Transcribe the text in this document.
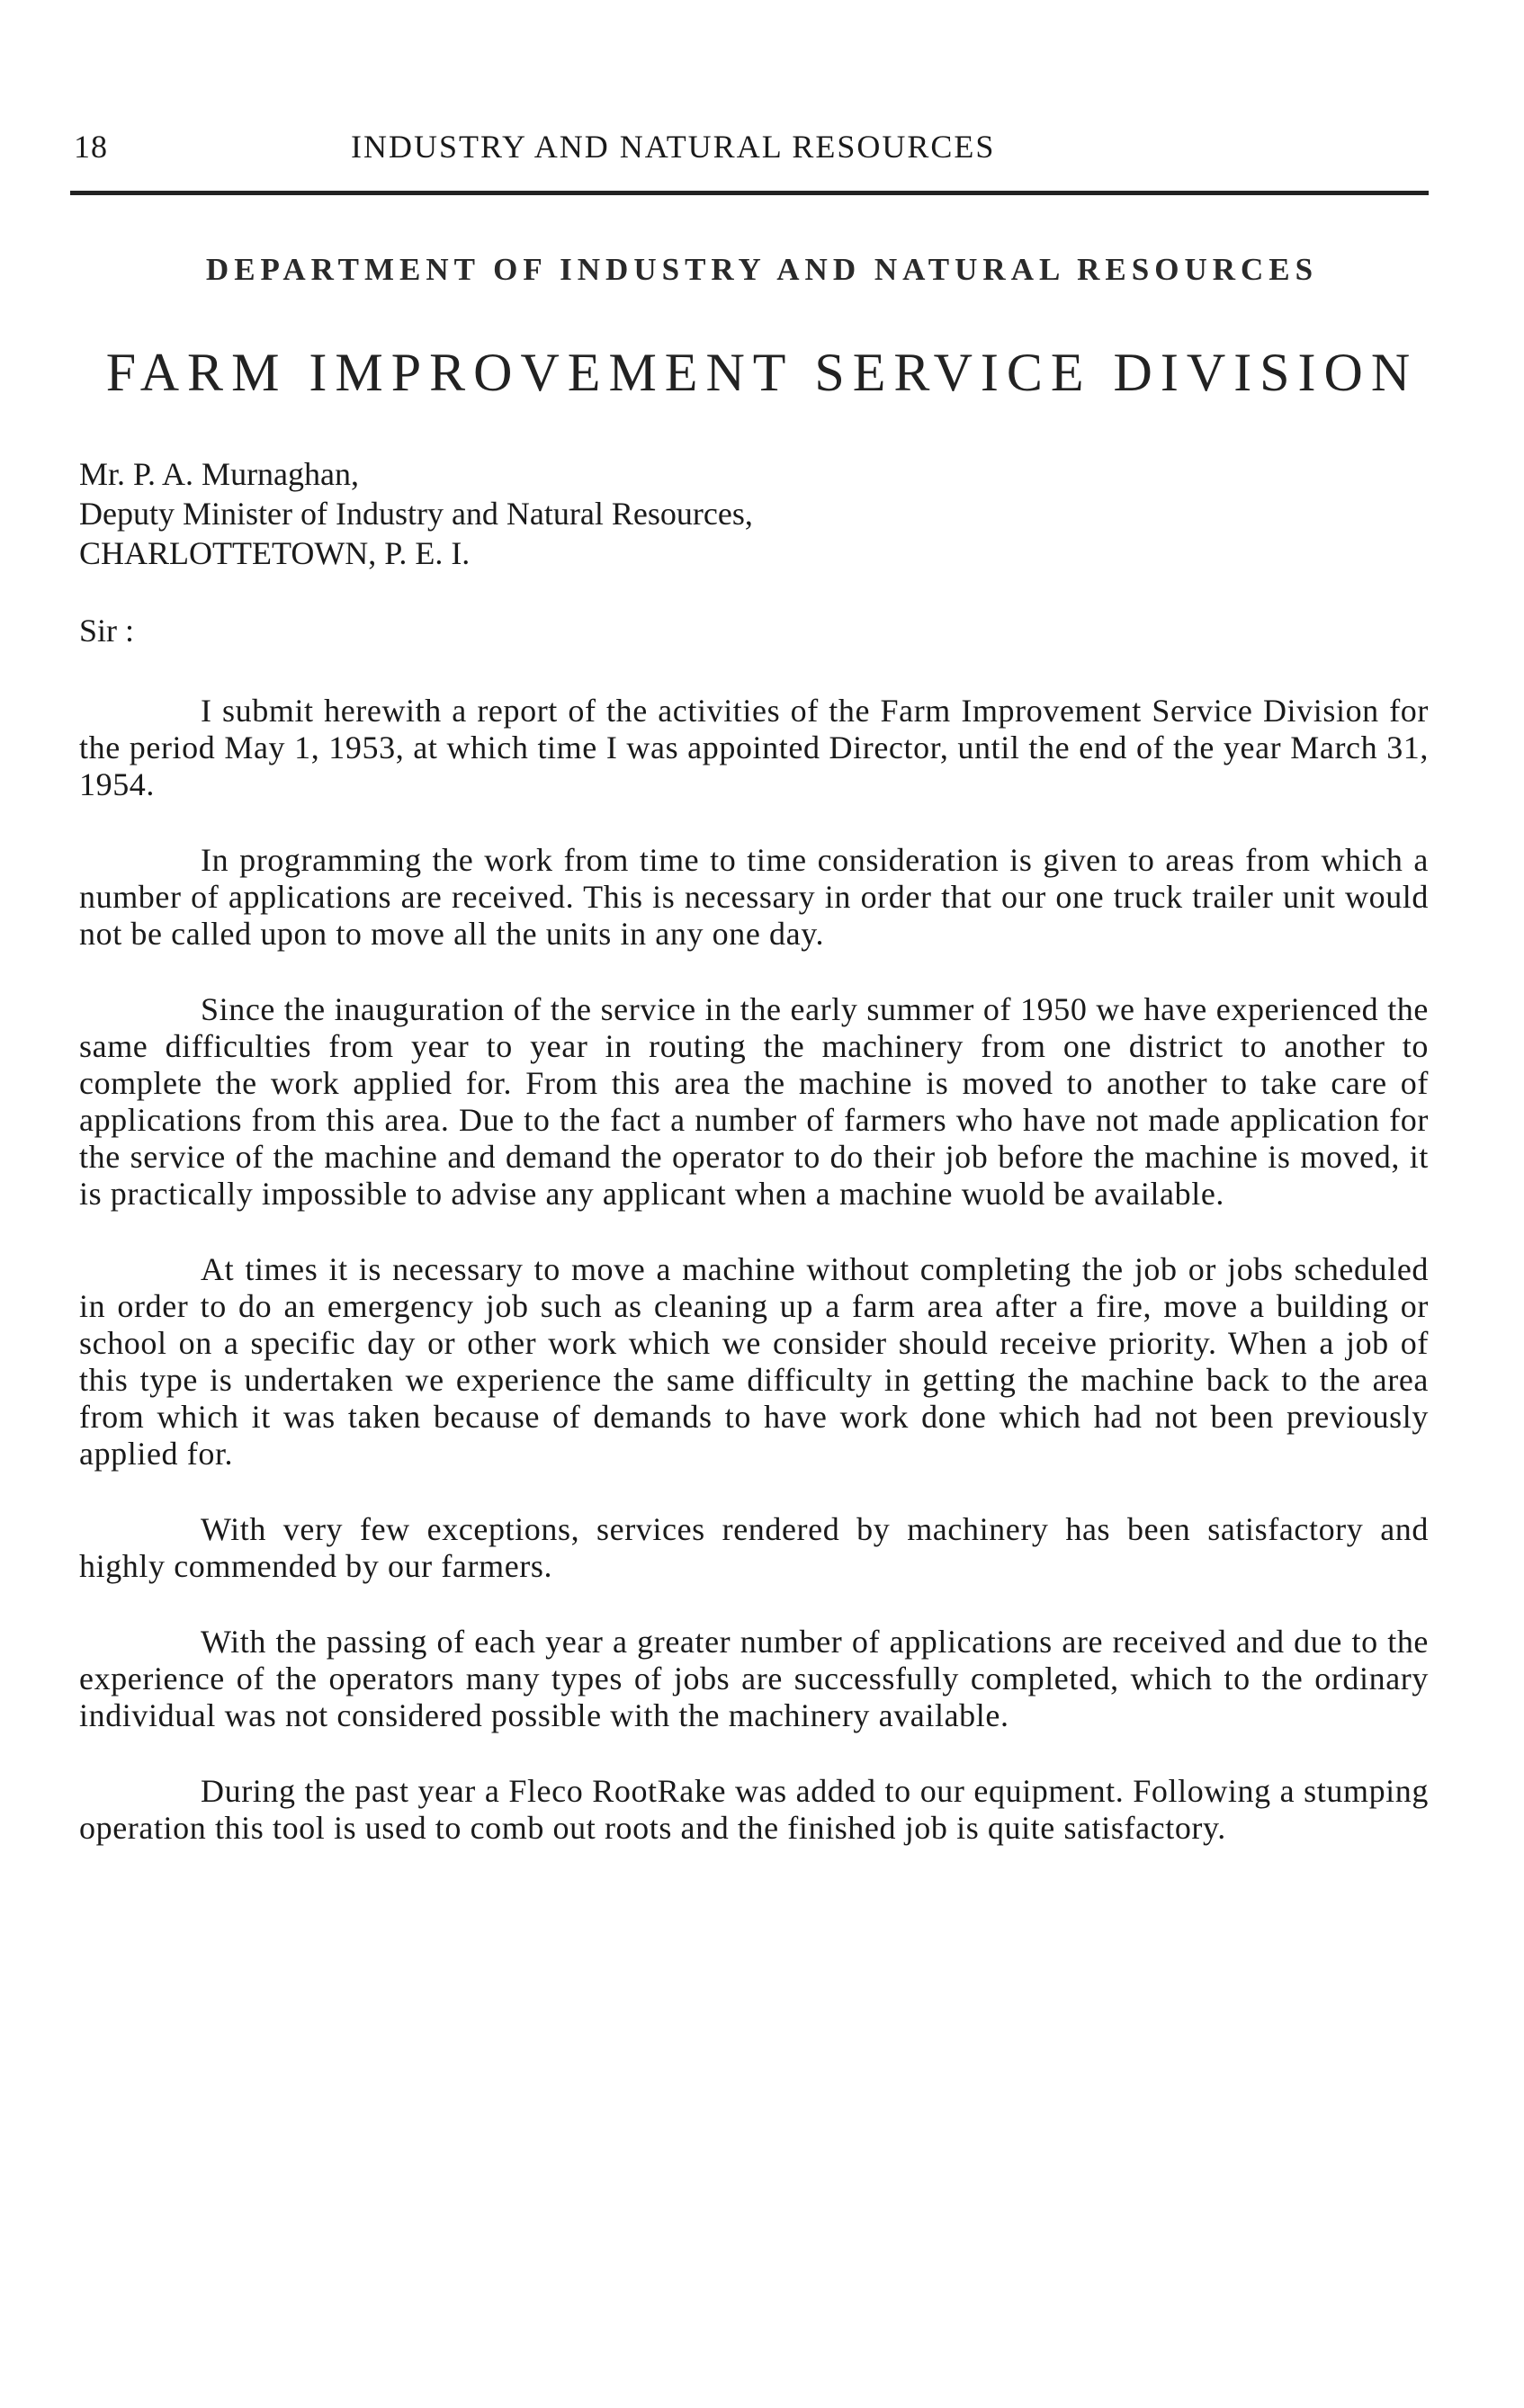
18	INDUSTRY AND NATURAL RESOURCES
DEPARTMENT OF INDUSTRY AND NATURAL RESOURCES
FARM IMPROVEMENT SERVICE DIVISION
Mr. P. A. Murnaghan,
Deputy Minister of Industry and Natural Resources,
CHARLOTTETOWN, P. E. I.
Sir :

I submit herewith a report of the activities of the Farm Improvement Service Division for the period May 1, 1953, at which time I was appointed Director, until the end of the year March 31, 1954.

In programming the work from time to time consideration is given to areas from which a number of applications are received. This is necessary in order that our one truck trailer unit would not be called upon to move all the units in any one day.

Since the inauguration of the service in the early summer of 1950 we have experienced the same difficulties from year to year in routing the machinery from one district to another to complete the work applied for. From this area the machine is moved to another to take care of applications from this area. Due to the fact a number of farmers who have not made application for the service of the machine and demand the operator to do their job before the machine is moved, it is practically impossible to advise any applicant when a machine wuold be available.

At times it is necessary to move a machine without completing the job or jobs scheduled in order to do an emergency job such as cleaning up a farm area after a fire, move a building or school on a specific day or other work which we consider should receive priority. When a job of this type is undertaken we experience the same difficulty in getting the machine back to the area from which it was taken because of demands to have work done which had not been previously applied for.

With very few exceptions, services rendered by machinery has been satisfactory and highly commended by our farmers.

With the passing of each year a greater number of applications are received and due to the experience of the operators many types of jobs are successfully completed, which to the ordinary individual was not considered possible with the machinery available.

During the past year a Fleco RootRake was added to our equipment. Following a stumping operation this tool is used to comb out roots and the finished job is quite satisfactory.
